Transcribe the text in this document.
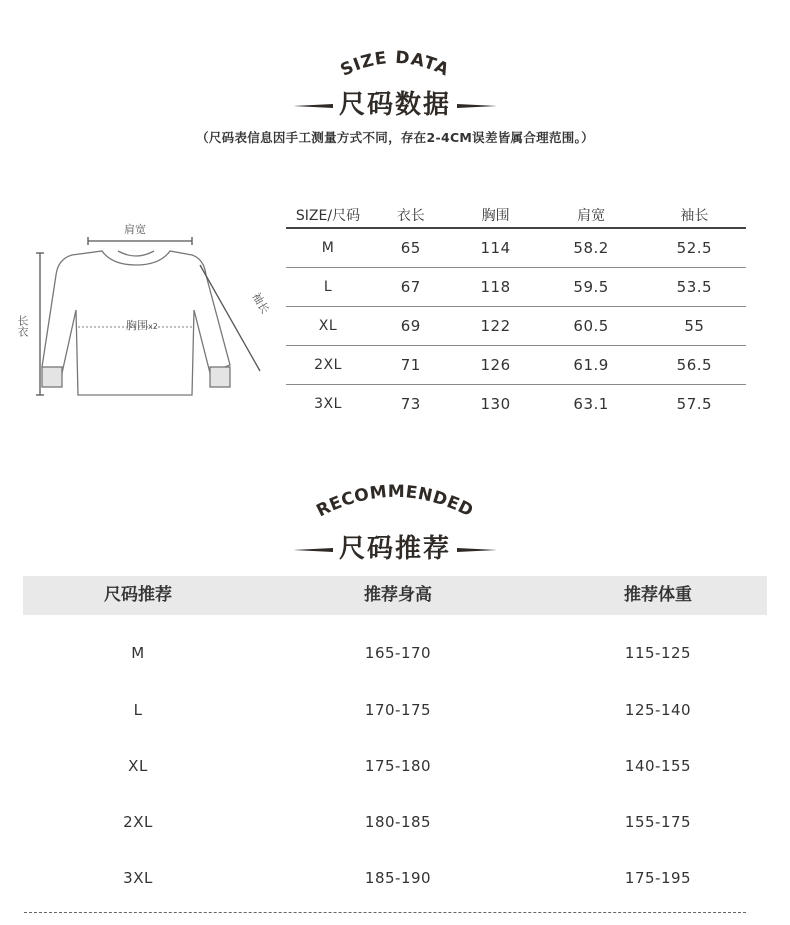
SIZE DATA
尺码数据
（尺码表信息因手工测量方式不同，存在2-4CM误差皆属合理范围。）
肩宽
长衣	胸围x2
袖长
SIZE/尺码	衣长	胸围	肩宽	袖长
M	65	114	58.2	52.5
L	67	118	59.5	53.5
XL	69	122	60.5	55
2XL	71	126	61.9	56.5
3XL	73	130	63.1	57.5
RECOMMENDED
尺码推荐
尺码推荐	推荐身高	推荐体重
M	165-170	115-125
L	170-175	125-140
XL	175-180	140-155
2XL	180-185	155-175
3XL	185-190	175-195
